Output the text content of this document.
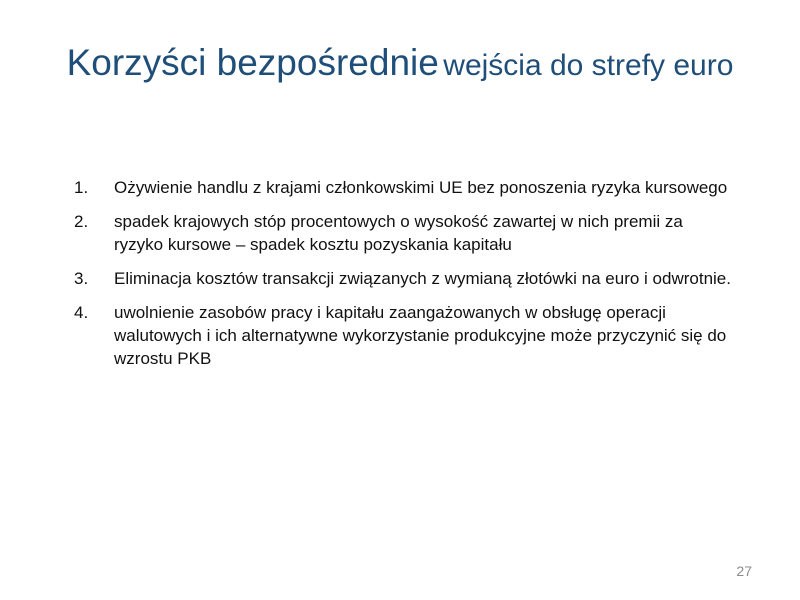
Korzyści bezpośrednie wejścia do strefy euro
1. Ożywienie handlu z krajami członkowskimi UE bez ponoszenia ryzyka kursowego
2. spadek krajowych stóp procentowych o wysokość zawartej w nich premii za ryzyko kursowe – spadek kosztu pozyskania kapitału
3. Eliminacja kosztów transakcji związanych z wymianą złotówki na euro i odwrotnie.
4. uwolnienie zasobów pracy i kapitału zaangażowanych w obsługę operacji walutowych i ich alternatywne wykorzystanie produkcyjne może przyczynić się do wzrostu PKB
27
